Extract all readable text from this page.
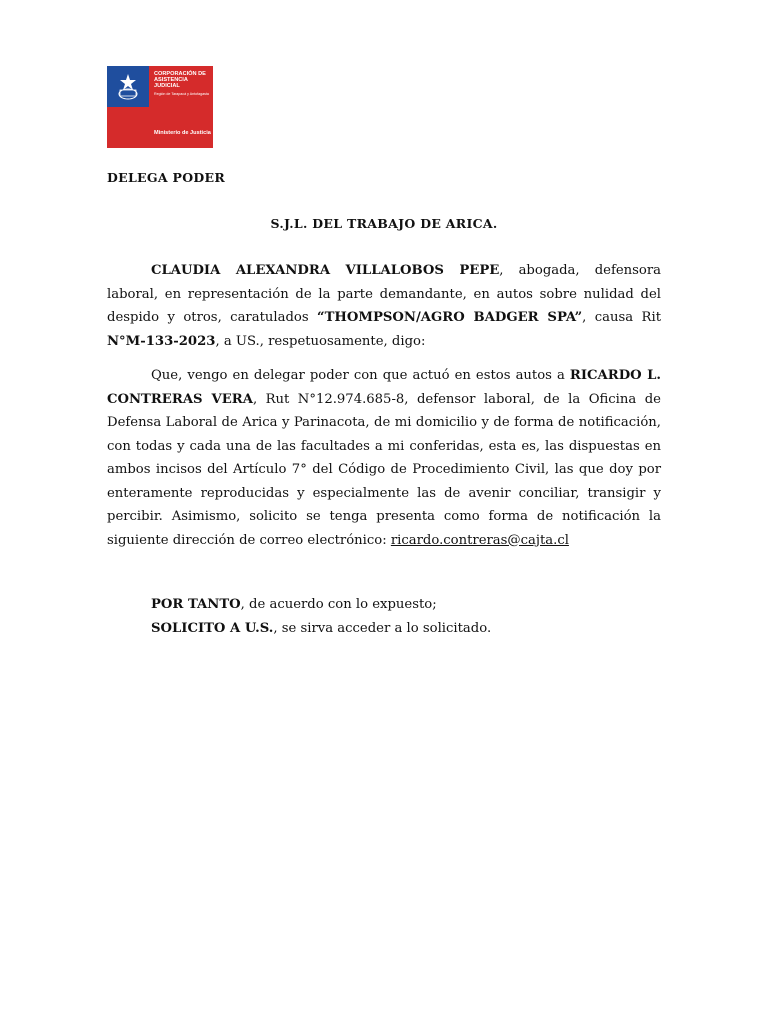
CORPORACIÓN DE ASISTENCIA JUDICIAL
Región de Tarapacá y Antofagasta
Ministerio de Justicia
DELEGA PODER
S.J.L. DEL TRABAJO DE ARICA.

CLAUDIA ALEXANDRA VILLALOBOS PEPE, abogada, defensora laboral, en representación de la parte demandante, en autos sobre nulidad del despido y otros, caratulados “THOMPSON/AGRO BADGER SPA”, causa Rit N°M-133-2023, a US., respetuosamente, digo:

Que, vengo en delegar poder con que actuó en estos autos a RICARDO L. CONTRERAS VERA, Rut N°12.974.685-8, defensor laboral, de la Oficina de Defensa Laboral de Arica y Parinacota, de mi domicilio y de forma de notificación, con todas y cada una de las facultades a mi conferidas, esta es, las dispuestas en ambos incisos del Artículo 7° del Código de Procedimiento Civil, las que doy por enteramente reproducidas y especialmente las de avenir conciliar, transigir y percibir. Asimismo, solicito se tenga presenta como forma de notificación la siguiente dirección de correo electrónico: ricardo.contreras@cajta.cl

POR TANTO, de acuerdo con lo expuesto;
SOLICITO A U.S., se sirva acceder a lo solicitado.
